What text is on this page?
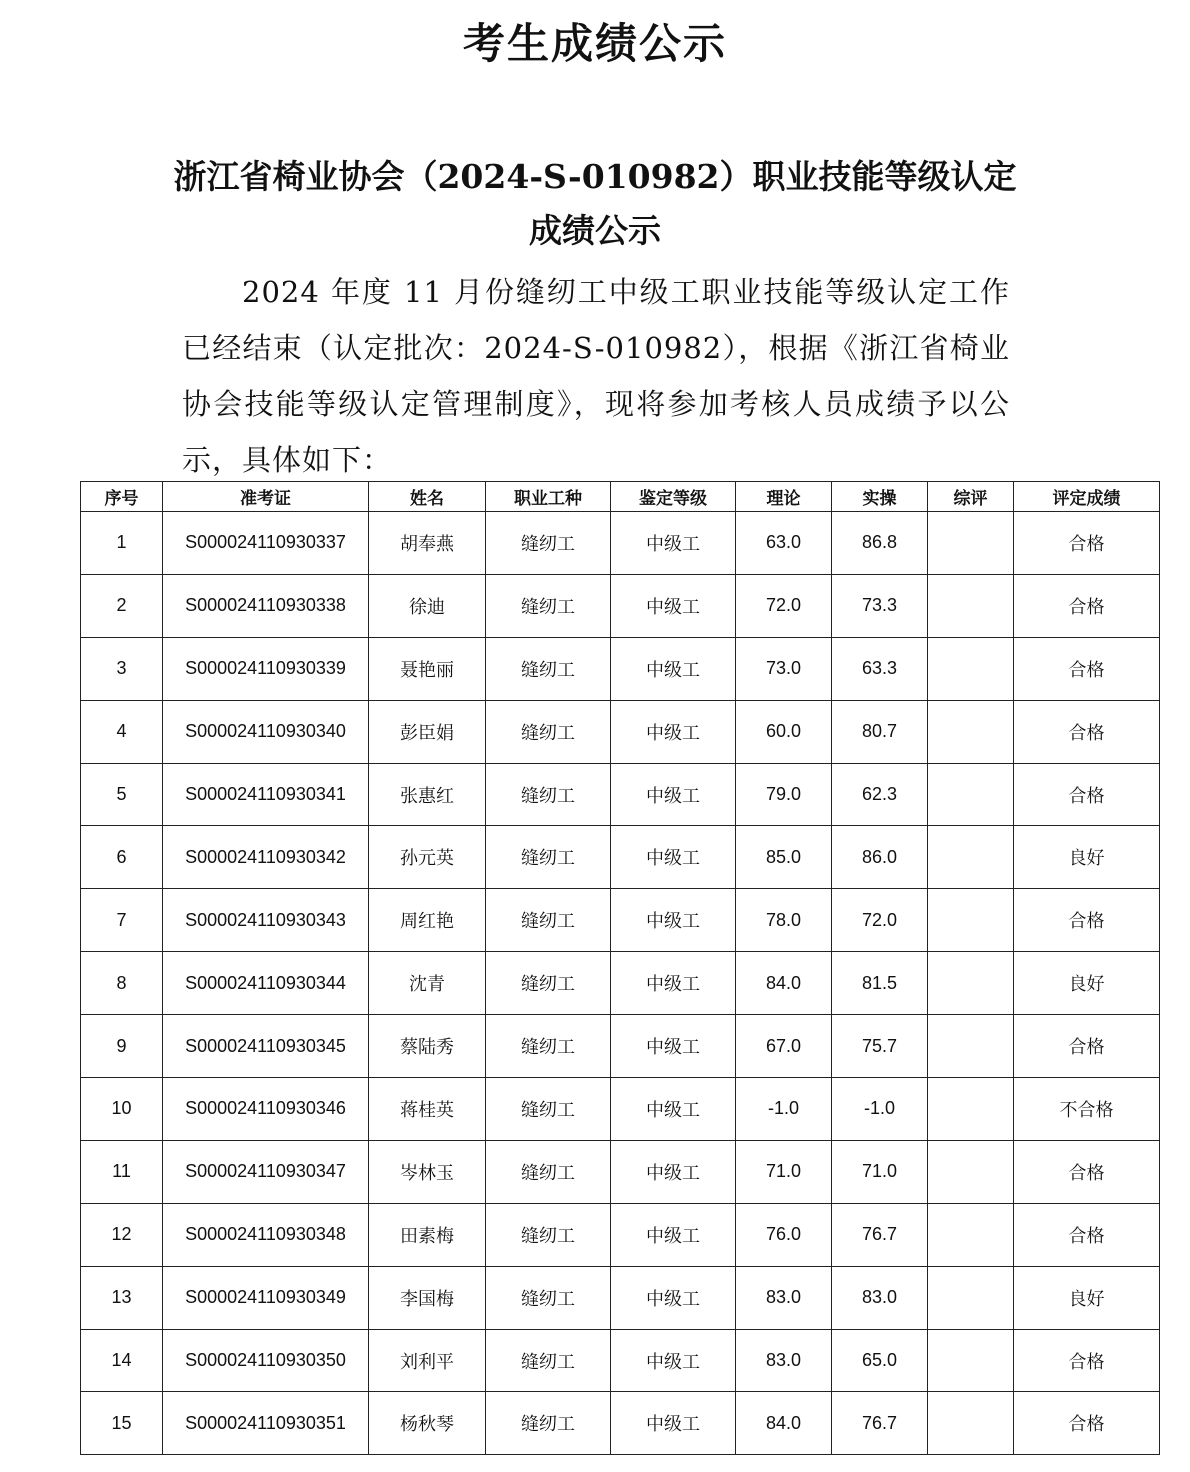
考生成绩公示
浙江省椅业协会（2024-S-010982）职业技能等级认定
成绩公示

2024 年度 11 月份缝纫工中级工职业技能等级认定工作已经结束（认定批次：2024-S-010982），根据《浙江省椅业协会技能等级认定管理制度》，现将参加考核人员成绩予以公示，具体如下：

序号	准考证	姓名	职业工种	鉴定等级	理论	实操	综评	评定成绩
1	S000024110930337	胡奉燕	缝纫工	中级工	63.0	86.8		合格
2	S000024110930338	徐迪	缝纫工	中级工	72.0	73.3		合格
3	S000024110930339	聂艳丽	缝纫工	中级工	73.0	63.3		合格
4	S000024110930340	彭臣娟	缝纫工	中级工	60.0	80.7		合格
5	S000024110930341	张惠红	缝纫工	中级工	79.0	62.3		合格
6	S000024110930342	孙元英	缝纫工	中级工	85.0	86.0		良好
7	S000024110930343	周红艳	缝纫工	中级工	78.0	72.0		合格
8	S000024110930344	沈青	缝纫工	中级工	84.0	81.5		良好
9	S000024110930345	蔡陆秀	缝纫工	中级工	67.0	75.7		合格
10	S000024110930346	蒋桂英	缝纫工	中级工	-1.0	-1.0		不合格
11	S000024110930347	岑林玉	缝纫工	中级工	71.0	71.0		合格
12	S000024110930348	田素梅	缝纫工	中级工	76.0	76.7		合格
13	S000024110930349	李国梅	缝纫工	中级工	83.0	83.0		良好
14	S000024110930350	刘利平	缝纫工	中级工	83.0	65.0		合格
15	S000024110930351	杨秋琴	缝纫工	中级工	84.0	76.7		合格
